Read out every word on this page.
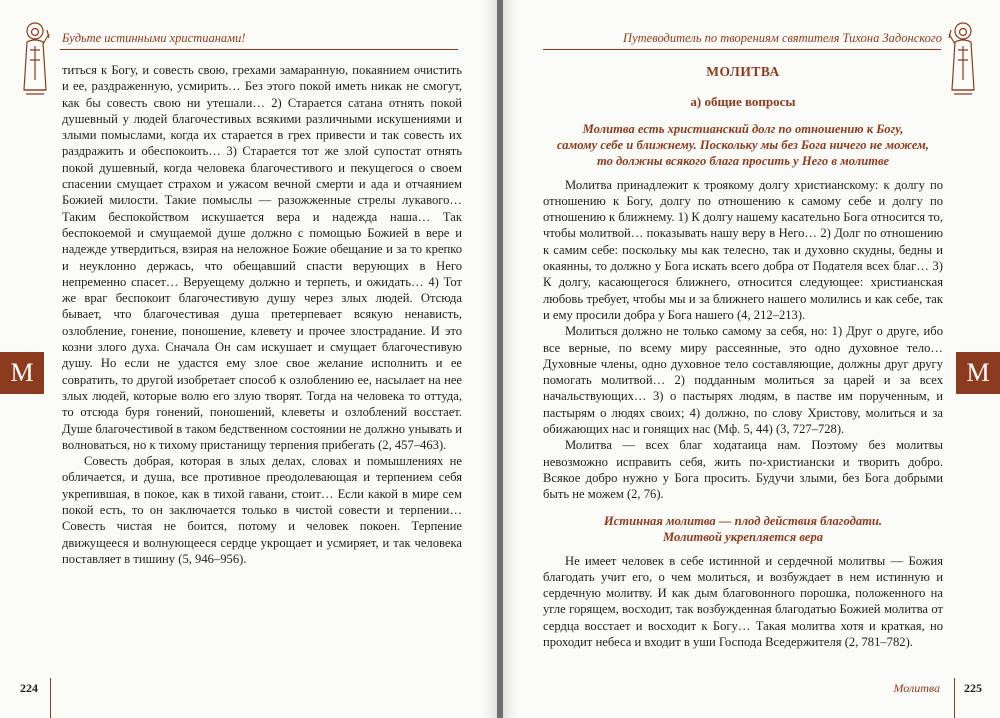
Будьте истинными христианами!

титься к Богу, и совесть свою, грехами замаранную, покаянием очистить и ее, раздраженную, усмирить… Без этого покой иметь никак не смогут, как бы совесть свою ни утешали… 2) Старается сатана отнять покой душевный у людей благочестивых всякими различными искушениями и злыми помыслами, когда их старается в грех привести и так совесть их раздражить и обеспокоить… 3) Старается тот же злой супостат отнять покой душевный, когда человека благочестивого и пекущегося о своем спасении смущает страхом и ужасом вечной смерти и ада и отчаянием Божией милости. Такие помыслы — разожженные стрелы лукавого… Таким беспокойством искушается вера и надежда наша… Так беспокоемой и смущаемой душе должно с помощью Божией в вере и надежде утвердиться, взирая на неложное Божие обещание и за то крепко и неуклонно держась, что обещавший спасти верующих в Него непременно спасет… Веруещему должно и терпеть, и ожидать… 4) Тот же враг беспокоит благочестивую душу через злых людей. Отсюда бывает, что благочестивая душа претерпевает всякую ненависть, озлобление, гонение, поношение, клевету и прочее злострадание. И это козни злого духа. Сначала Он сам искушает и смущает благочестивую душу. Но если не удастся ему злое свое желание исполнить и ее совратить, то другой изобретает способ к озлоблению ее, насылает на нее злых людей, которые волю его злую творят. Тогда на человека то оттуда, то отсюда буря гонений, поношений, клеветы и озлоблений восстает. Душе благочестивой в таком бедственном состоянии не должно унывать и волноваться, но к тихому пристанищу терпения прибегать (2, 457–463).

Совесть добрая, которая в злых делах, словах и помышлениях не обличается, и душа, все противное преодолевающая и терпением себя укрепившая, в покое, как в тихой гавани, стоит… Если какой в мире сем покой есть, то он заключается только в чистой совести и терпении… Совесть чистая не боится, потому и человек покоен. Терпение движущееся и волнующееся сердце укрощает и усмиряет, и так человека поставляет в тишину (5, 946–956).

М
224
Путеводитель по творениям святителя Тихона Задонского
МОЛИТВА
а) общие вопросы
Молитва есть христианский долг по отношению к Богу,
самому себе и ближнему. Поскольку мы без Бога ничего не можем,
то должны всякого блага просить у Него в молитве

Молитва принадлежит к троякому долгу христианскому: к долгу по отношению к Богу, долгу по отношению к самому себе и долгу по отношению к ближнему. 1) К долгу нашему касательно Бога относится то, чтобы молитвой… показывать нашу веру в Него… 2) Долг по отношению к самим себе: поскольку мы как телесно, так и духовно скудны, бедны и окаянны, то должно у Бога искать всего добра от Подателя всех благ… 3) К долгу, касающегося ближнего, относится следующее: христианская любовь требует, чтобы мы и за ближнего нашего молились и как себе, так и ему просили добра у Бога нашего (4, 212–213).

Молиться должно не только самому за себя, но: 1) Друг о друге, ибо все верные, по всему миру рассеянные, это одно духовное тело… Духовные члены, одно духовное тело составляющие, должны друг другу помогать молитвой… 2) подданным молиться за царей и за всех начальствующих… 3) о пастырях людям, в пастве им порученным, и пастырям о людях своих; 4) должно, по слову Христову, молиться и за обижающих нас и гонящих нас (Мф. 5, 44) (3, 727–728).

Молитва — всех благ ходатаица нам. Поэтому без молитвы невозможно исправить себя, жить по-христиански и творить добро. Всякое добро нужно у Бога просить. Будучи злыми, без Бога добрыми быть не можем (2, 76).

Истинная молитва — плод действия благодати.
Молитвой укрепляется вера

Не имеет человек в себе истинной и сердечной молитвы — Божия благодать учит его, о чем молиться, и возбуждает в нем истинную и сердечную молитву. И как дым благовонного порошка, положенного на угле горящем, восходит, так возбужденная благодатью Божией молитва от сердца восстает и восходит к Богу… Такая молитва хотя и краткая, но проходит небеса и входит в уши Господа Вседержителя (2, 781–782).

М
Молитва 225
